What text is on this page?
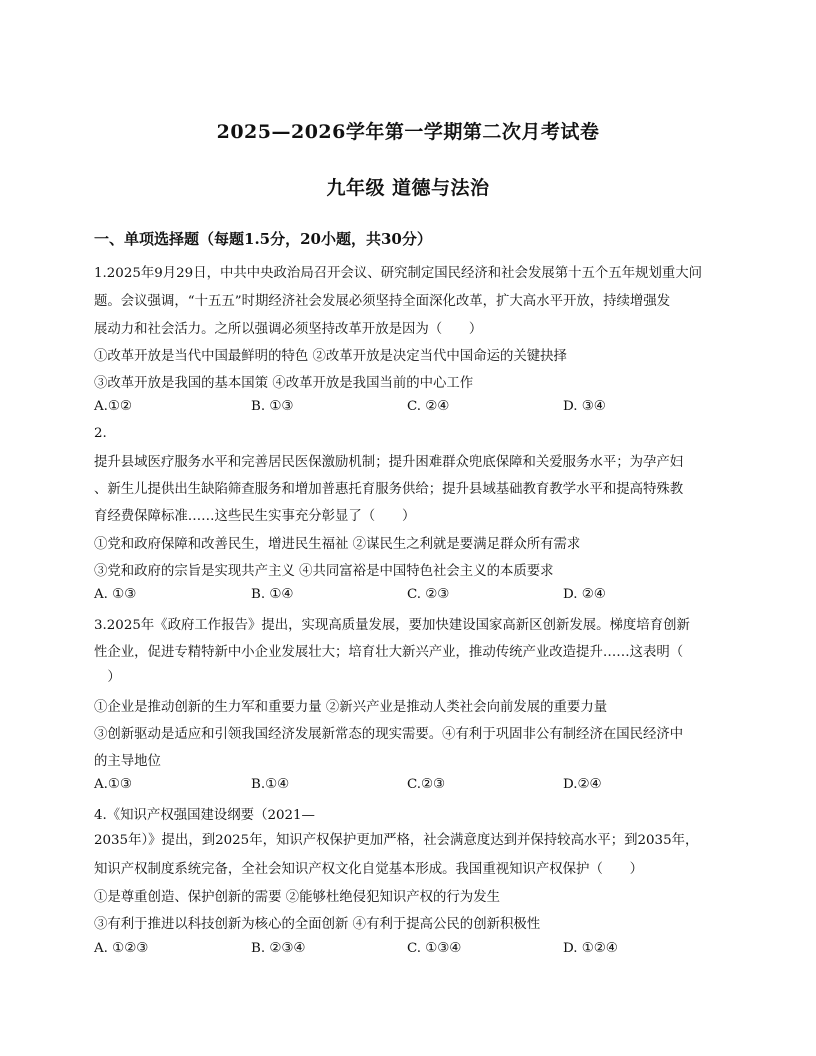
2025—2026学年第一学期第二次月考试卷
九年级 道德与法治
一、单项选择题（每题1.5分，20小题，共30分）
1.2025年9月29日，中共中央政治局召开会议、研究制定国民经济和社会发展第十五个五年规划重大问
题。会议强调，“十五五”时期经济社会发展必须坚持全面深化改革，扩大高水平开放，持续增强发
展动力和社会活力。之所以强调必须坚持改革开放是因为（　　）
①改革开放是当代中国最鲜明的特色 ②改革开放是决定当代中国命运的关键抉择
③改革开放是我国的基本国策 ④改革开放是我国当前的中心工作
A.①②	B. ①③	C. ②④	D. ③④
2.
提升县域医疗服务水平和完善居民医保激励机制；提升困难群众兜底保障和关爱服务水平；为孕产妇
、新生儿提供出生缺陷筛查服务和增加普惠托育服务供给；提升县域基础教育教学水平和提高特殊教
育经费保障标准……这些民生实事充分彰显了（　　）
①党和政府保障和改善民生，增进民生福祉 ②谋民生之利就是要满足群众所有需求
③党和政府的宗旨是实现共产主义 ④共同富裕是中国特色社会主义的本质要求
A. ①③	B. ①④	C. ②③	D. ②④
3.2025年《政府工作报告》提出，实现高质量发展，要加快建设国家高新区创新发展。梯度培育创新
性企业，促进专精特新中小企业发展壮大；培育壮大新兴产业，推动传统产业改造提升……这表明（
　）
①企业是推动创新的生力军和重要力量 ②新兴产业是推动人类社会向前发展的重要力量
③创新驱动是适应和引领我国经济发展新常态的现实需要。④有利于巩固非公有制经济在国民经济中
的主导地位
A.①③	B.①④	C.②③	D.②④
4.《知识产权强国建设纲要（2021—
2035年）》提出，到2025年，知识产权保护更加严格，社会满意度达到并保持较高水平；到2035年，
知识产权制度系统完备，全社会知识产权文化自觉基本形成。我国重视知识产权保护（　　）
①是尊重创造、保护创新的需要 ②能够杜绝侵犯知识产权的行为发生
③有利于推进以科技创新为核心的全面创新 ④有利于提高公民的创新积极性
A. ①②③	B. ②③④	C. ①③④	D. ①②④
